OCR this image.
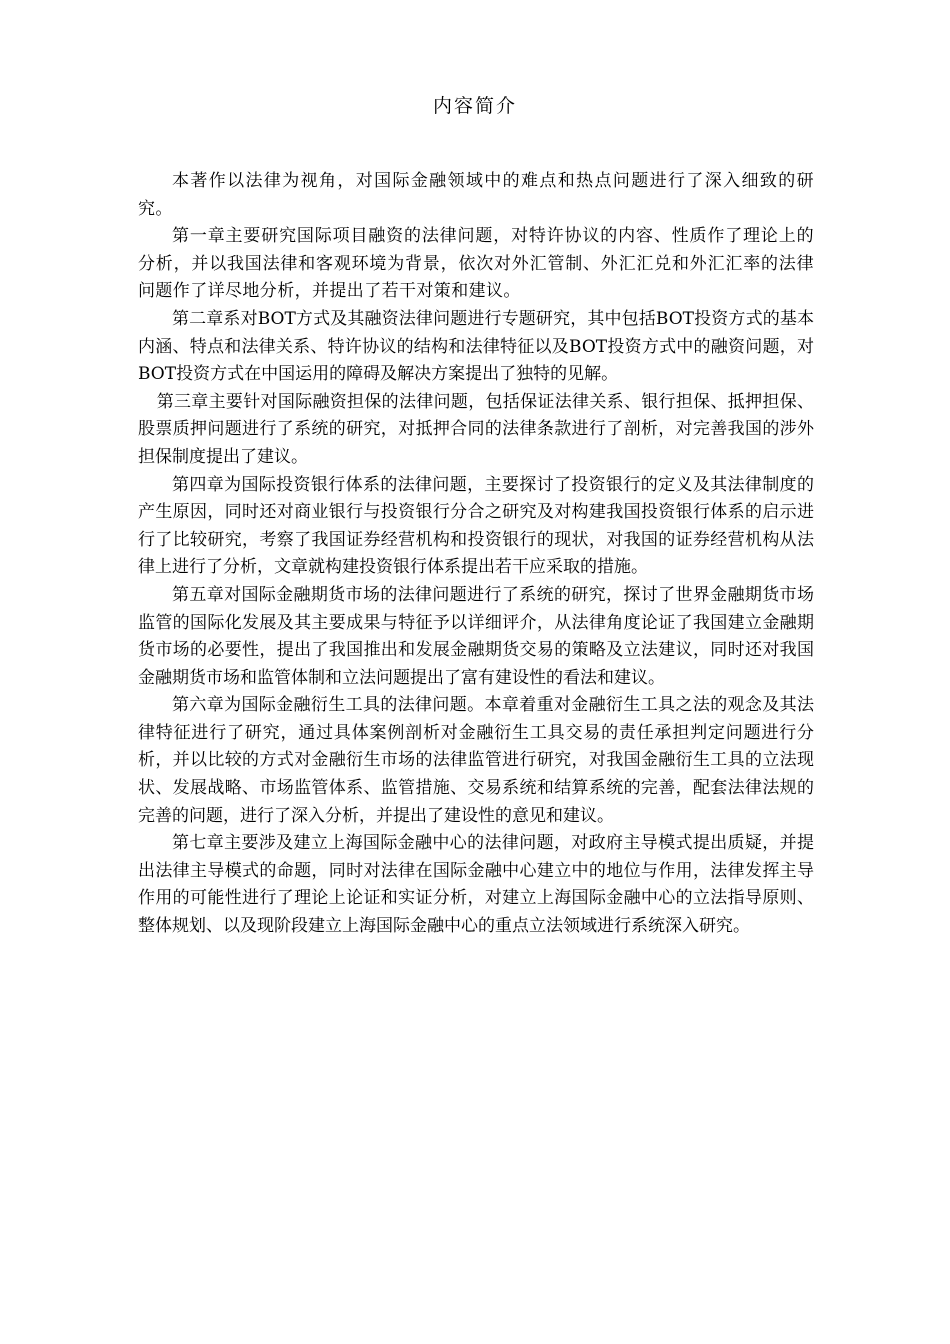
内容简介

本著作以法律为视角，对国际金融领域中的难点和热点问题进行了深入细致的研究。

第一章主要研究国际项目融资的法律问题，对特许协议的内容、性质作了理论上的分析，并以我国法律和客观环境为背景，依次对外汇管制、外汇汇兑和外汇汇率的法律问题作了详尽地分析，并提出了若干对策和建议。

第二章系对BOT方式及其融资法律问题进行专题研究，其中包括BOT投资方式的基本内涵、特点和法律关系、特许协议的结构和法律特征以及BOT投资方式中的融资问题，对BOT投资方式在中国运用的障碍及解决方案提出了独特的见解。

第三章主要针对国际融资担保的法律问题，包括保证法律关系、银行担保、抵押担保、股票质押问题进行了系统的研究，对抵押合同的法律条款进行了剖析，对完善我国的涉外担保制度提出了建议。

第四章为国际投资银行体系的法律问题，主要探讨了投资银行的定义及其法律制度的产生原因，同时还对商业银行与投资银行分合之研究及对构建我国投资银行体系的启示进行了比较研究，考察了我国证券经营机构和投资银行的现状，对我国的证券经营机构从法律上进行了分析，文章就构建投资银行体系提出若干应采取的措施。

第五章对国际金融期货市场的法律问题进行了系统的研究，探讨了世界金融期货市场监管的国际化发展及其主要成果与特征予以详细评介，从法律角度论证了我国建立金融期货市场的必要性，提出了我国推出和发展金融期货交易的策略及立法建议，同时还对我国金融期货市场和监管体制和立法问题提出了富有建设性的看法和建议。

第六章为国际金融衍生工具的法律问题。本章着重对金融衍生工具之法的观念及其法律特征进行了研究，通过具体案例剖析对金融衍生工具交易的责任承担判定问题进行分析，并以比较的方式对金融衍生市场的法律监管进行研究，对我国金融衍生工具的立法现状、发展战略、市场监管体系、监管措施、交易系统和结算系统的完善，配套法律法规的完善的问题，进行了深入分析，并提出了建设性的意见和建议。

第七章主要涉及建立上海国际金融中心的法律问题，对政府主导模式提出质疑，并提出法律主导模式的命题，同时对法律在国际金融中心建立中的地位与作用，法律发挥主导作用的可能性进行了理论上论证和实证分析，对建立上海国际金融中心的立法指导原则、整体规划、以及现阶段建立上海国际金融中心的重点立法领域进行系统深入研究。
